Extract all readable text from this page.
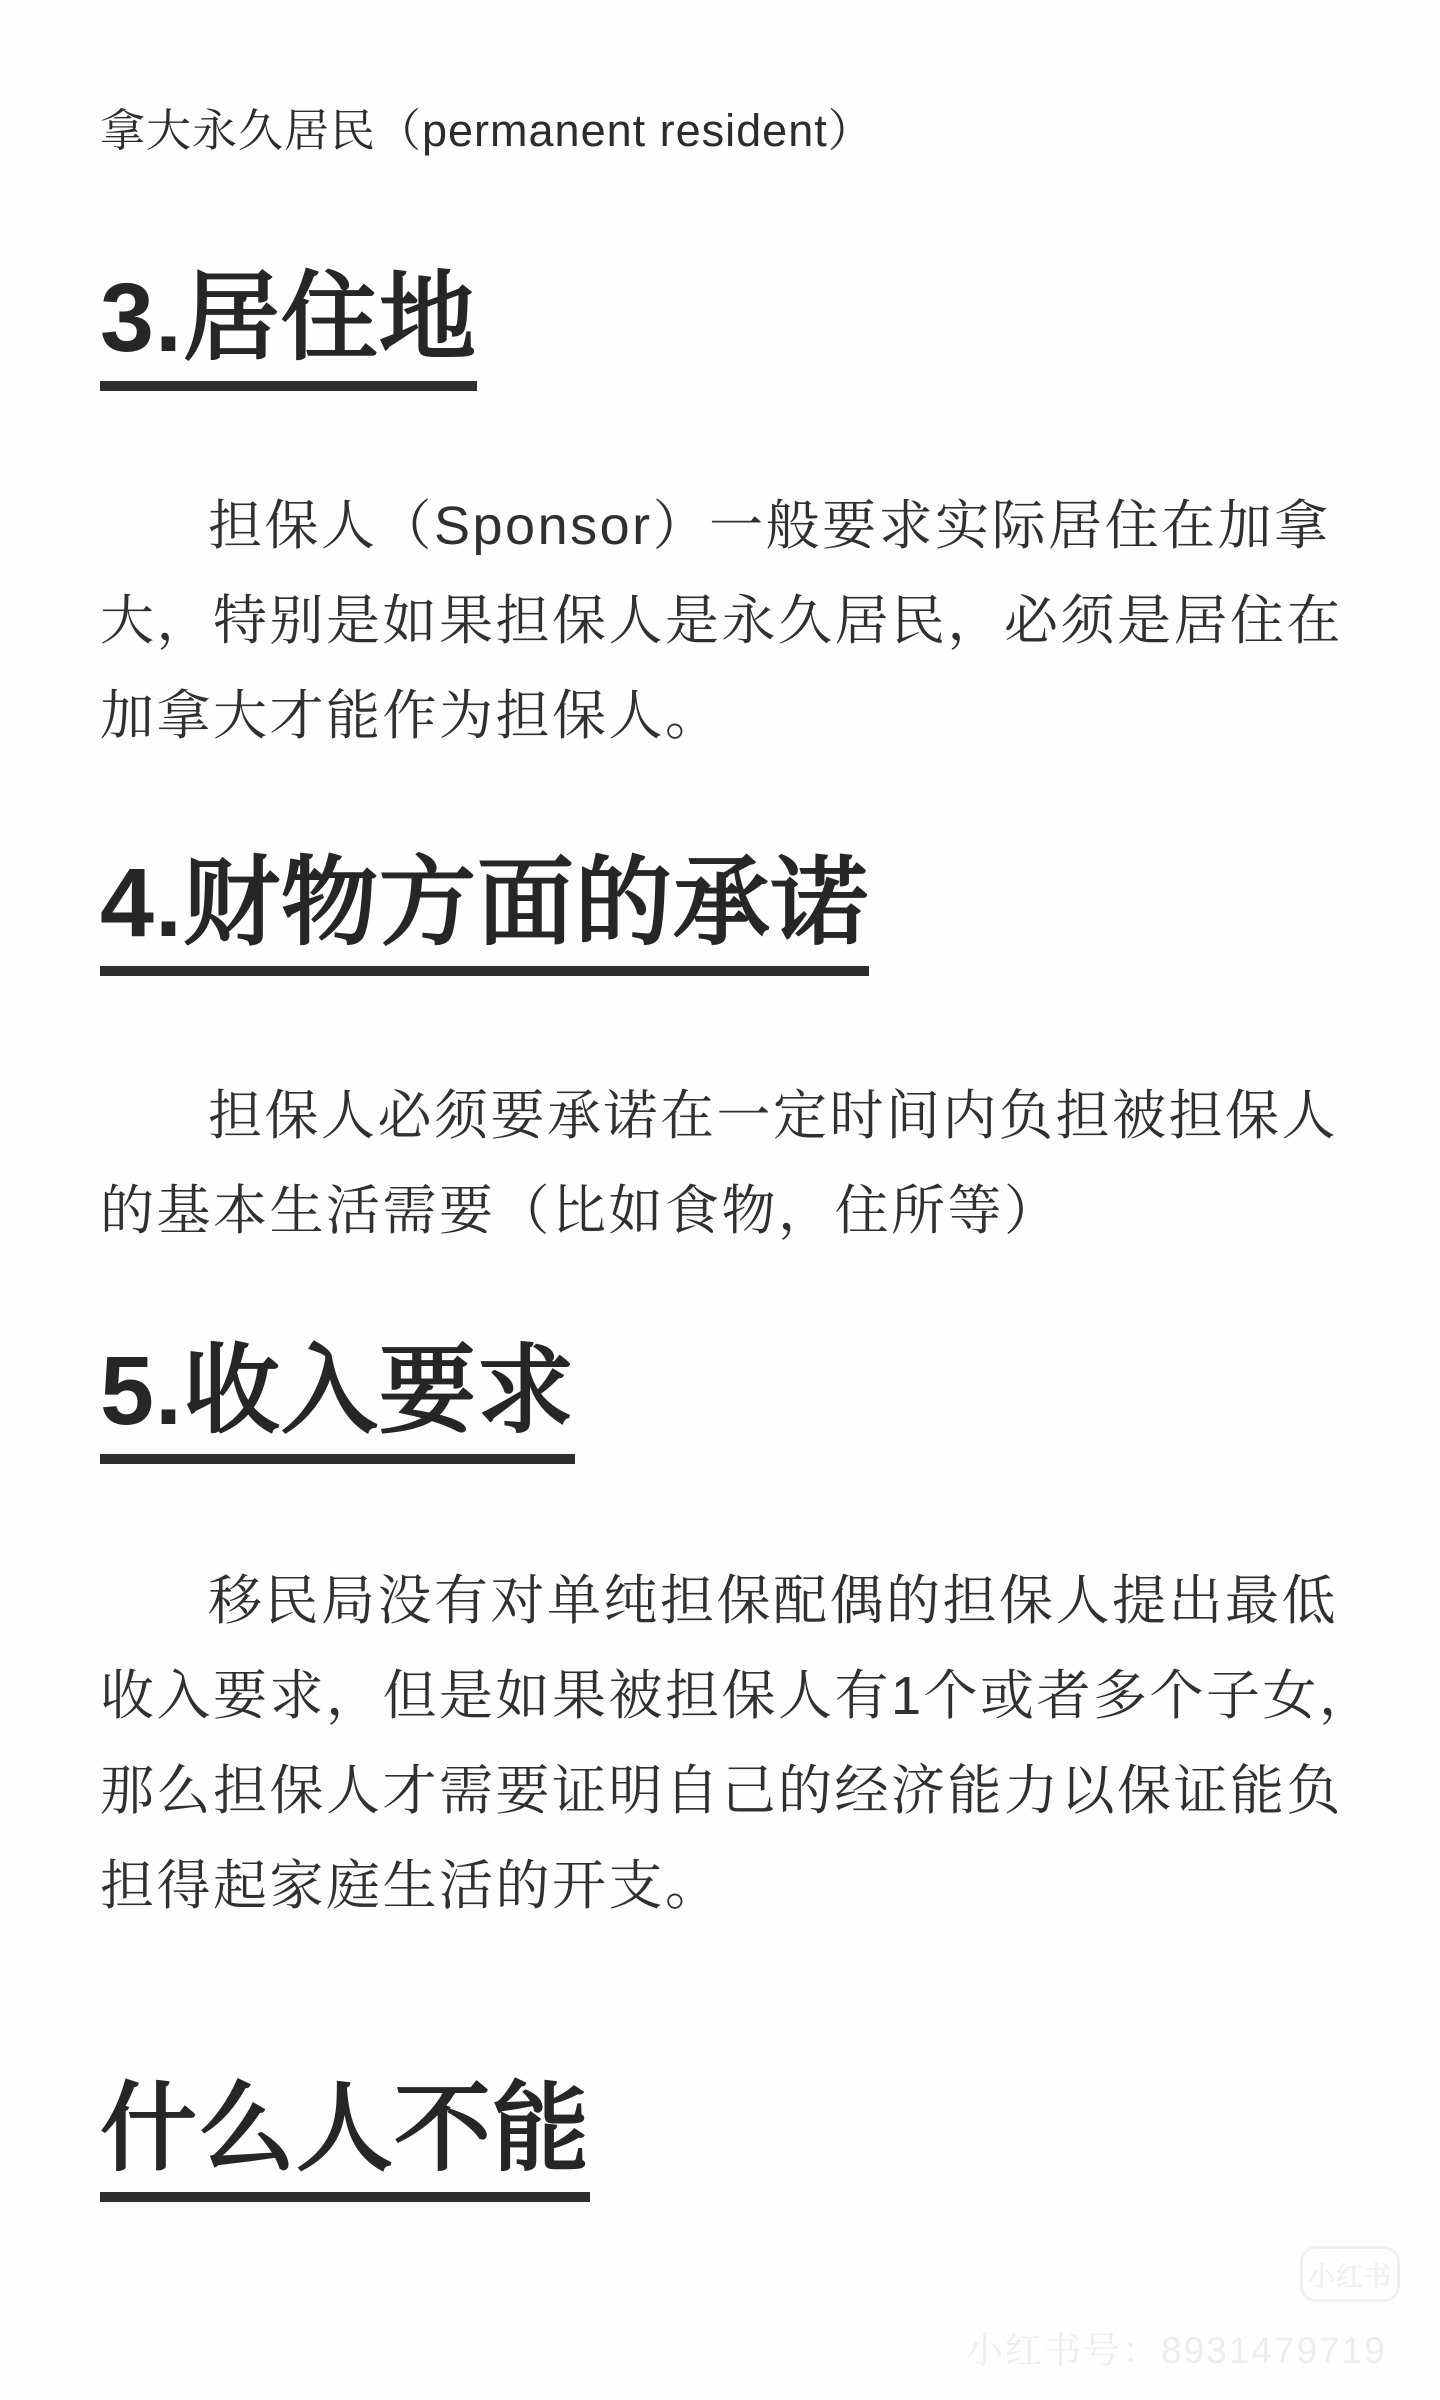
拿大永久居民（permanent resident）
3.居住地
担保人（Sponsor）一般要求实际居住在加拿
大，特别是如果担保人是永久居民，必须是居住在
加拿大才能作为担保人。
4.财物方面的承诺
担保人必须要承诺在一定时间内负担被担保人
的基本生活需要（比如食物，住所等）
5.收入要求
移民局没有对单纯担保配偶的担保人提出最低
收入要求，但是如果被担保人有1个或者多个子女，
那么担保人才需要证明自己的经济能力以保证能负
担得起家庭生活的开支。
什么人不能
小红书
小红书号：8931479719
